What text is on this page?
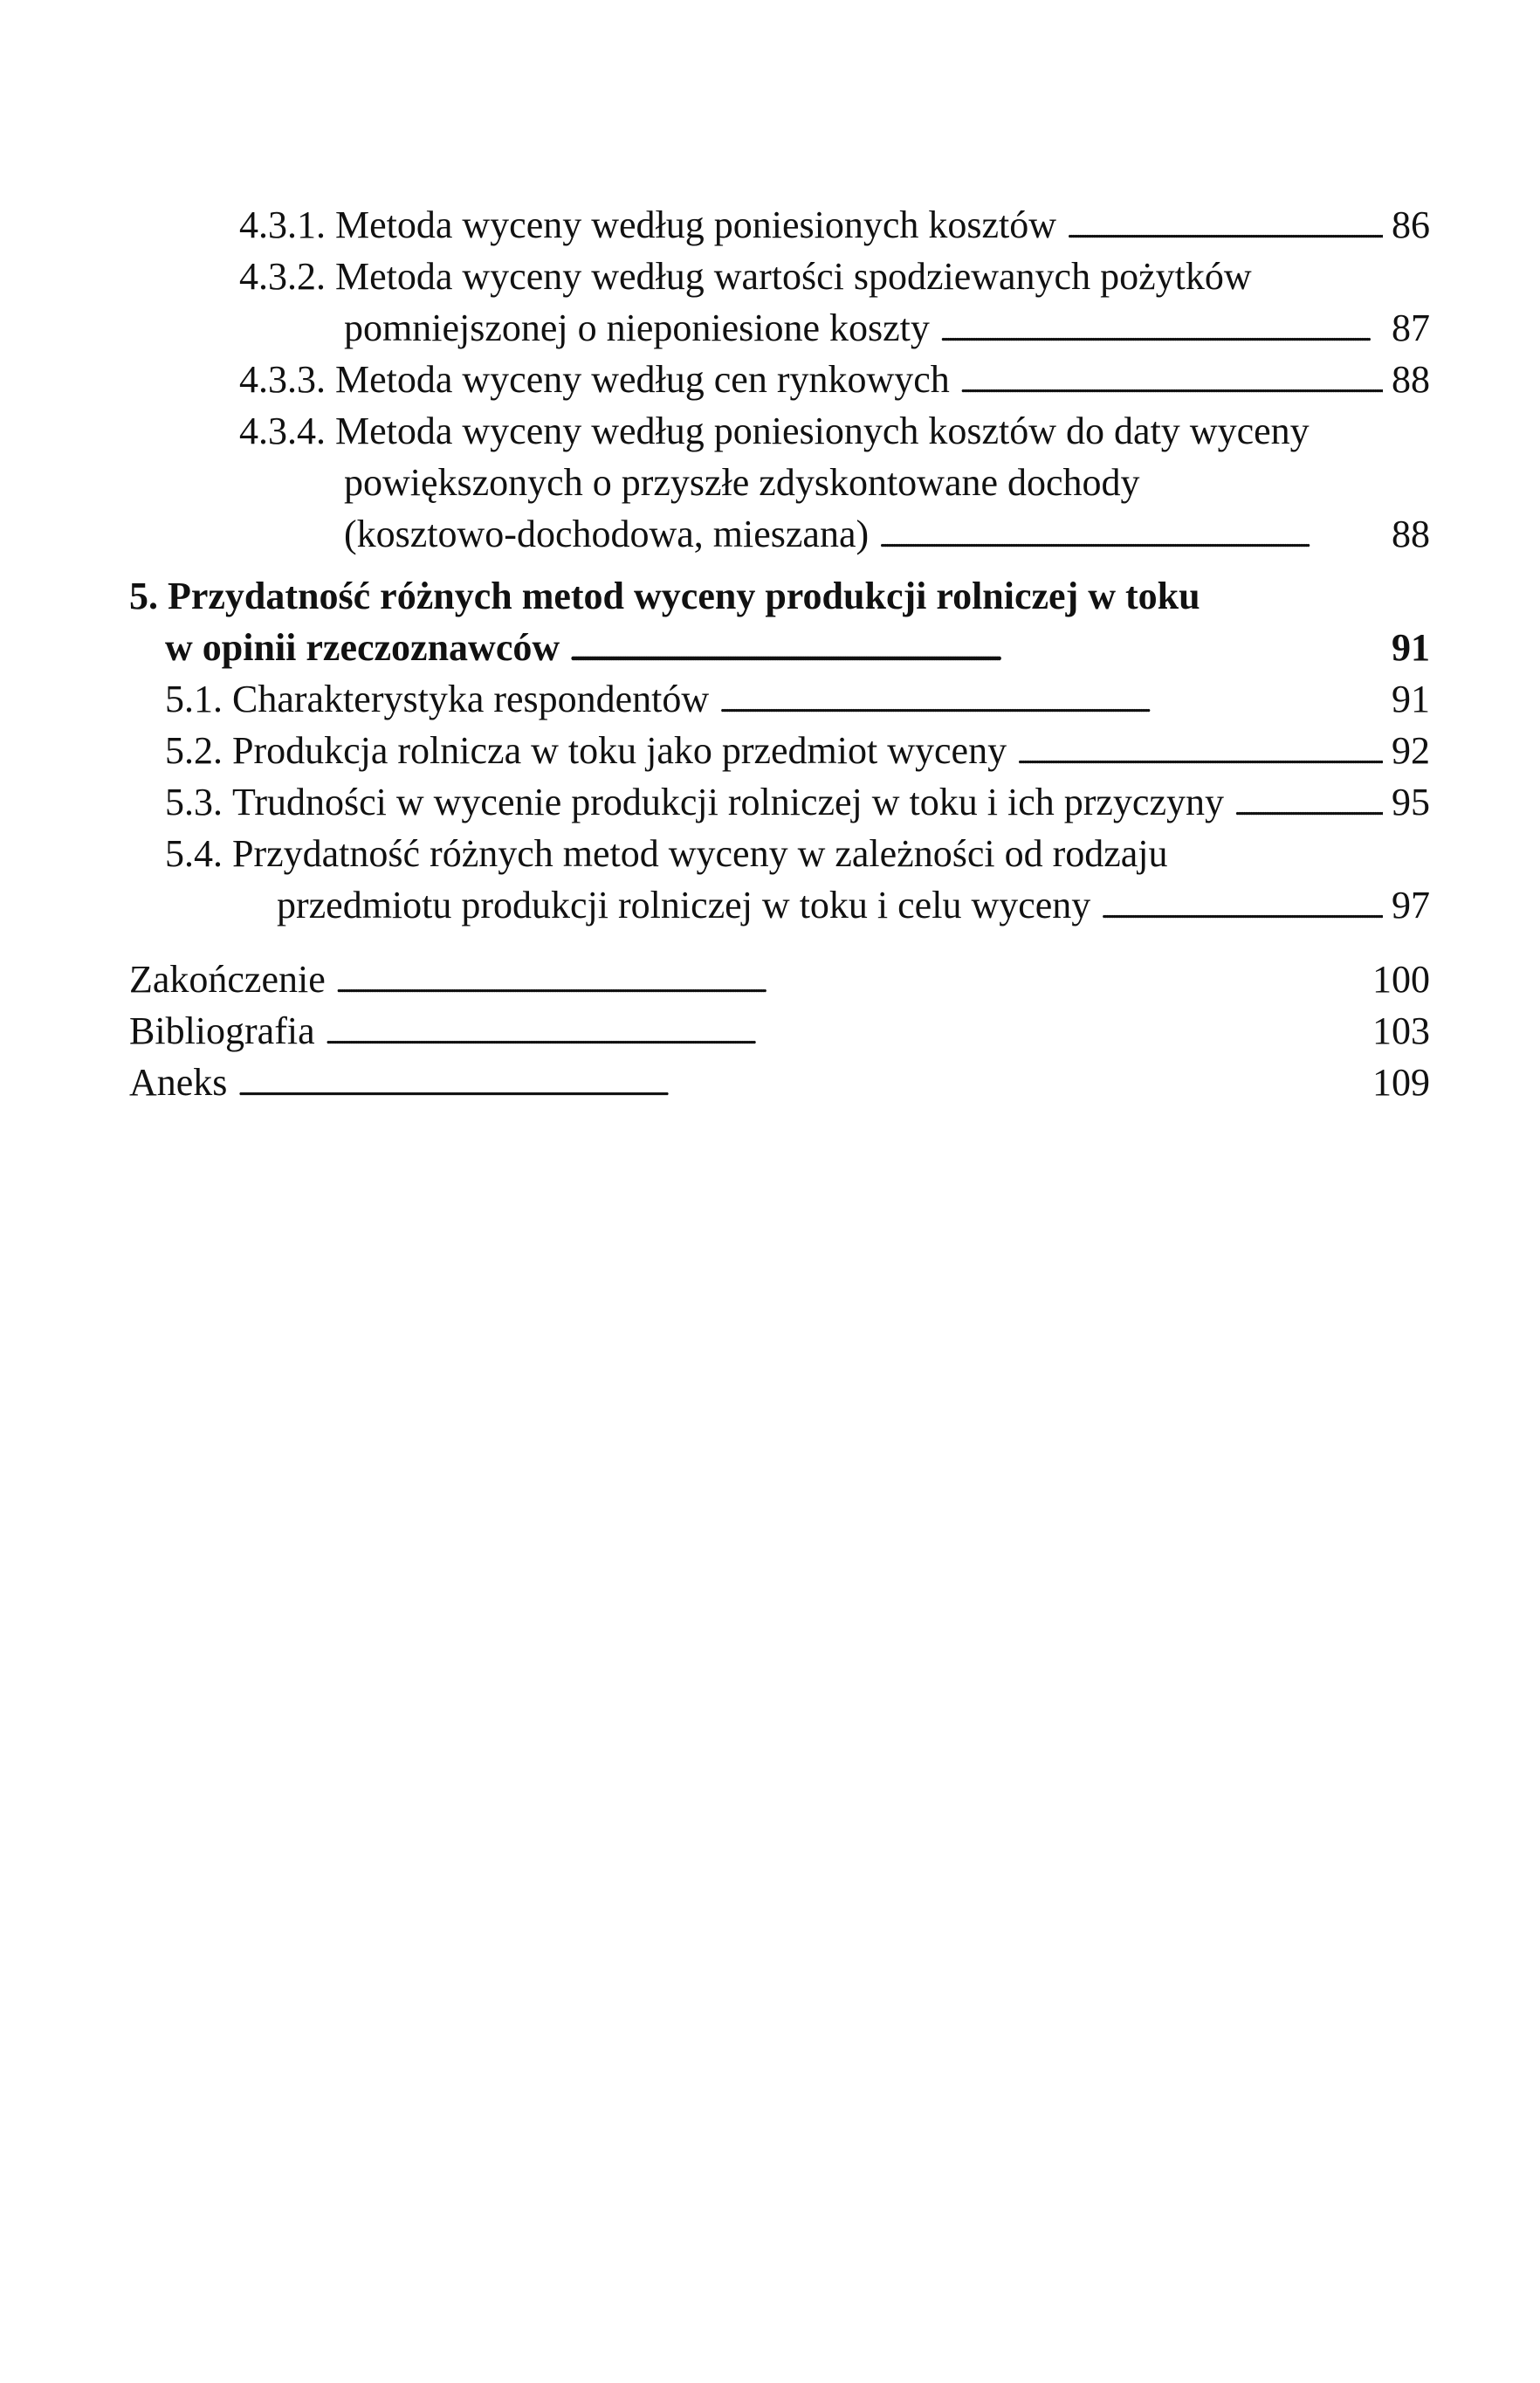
4.3.1.
Metoda wyceny według poniesionych kosztów . . .	86
4.3.2. Metoda wyceny według wartości spodziewanych pożytków
pomniejszonej o nieponiesione koszty . . .	87
4.3.3.
Metoda wyceny według cen rynkowych . . .	88
4.3.4. Metoda wyceny według poniesionych kosztów do daty wyceny
powiększonych o przyszłe zdyskontowane dochody
(kosztowo-dochodowa, mieszana) . . .	88
5. Przydatność różnych metod wyceny produkcji rolniczej w toku
w opinii rzeczoznawców . . .	91
5.1.
Charakterystyka respondentów . . .	91
5.2.
Produkcja rolnicza w toku jako przedmiot wyceny . . .	92
5.3.
Trudności w wycenie produkcji rolniczej w toku i ich przyczyny . . .	95
5.4. Przydatność różnych metod wyceny w zależności od rodzaju
przedmiotu produkcji rolniczej w toku i celu wyceny . . .	97
Zakończenie . . .	100
Bibliografia . . .	103
Aneks . . .	109
